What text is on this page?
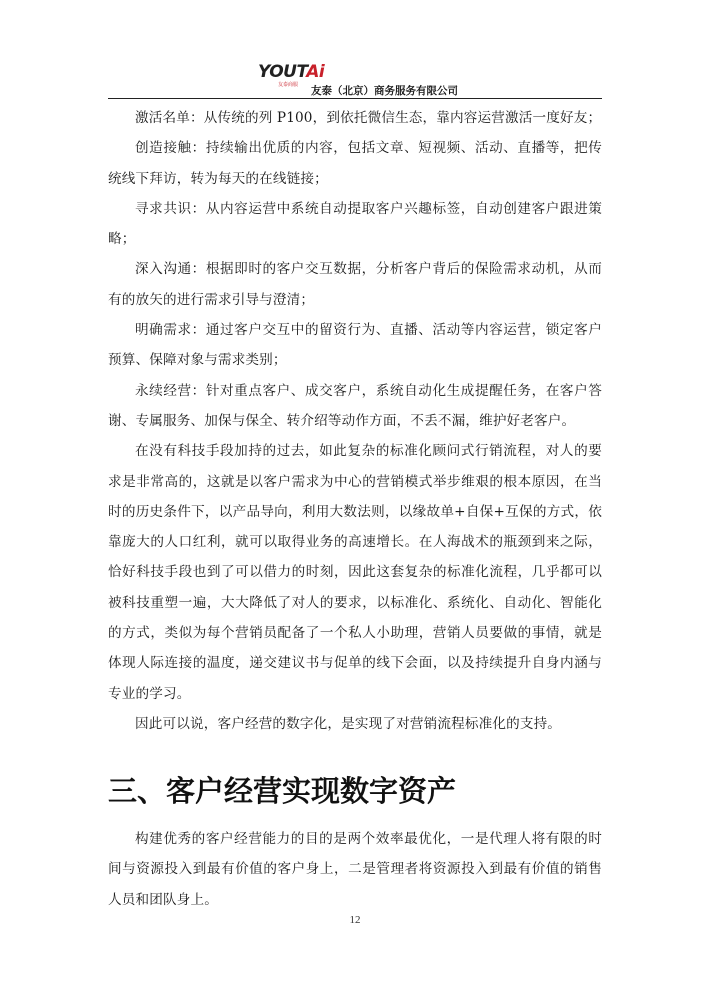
YOUTAi
友泰商服 友泰（北京）商务服务有限公司

激活名单：从传统的列 P100，到依托微信生态，靠内容运营激活一度好友；

创造接触：持续输出优质的内容，包括文章、短视频、活动、直播等，把传统线下拜访，转为每天的在线链接；

寻求共识：从内容运营中系统自动提取客户兴趣标签，自动创建客户跟进策略；

深入沟通：根据即时的客户交互数据，分析客户背后的保险需求动机，从而有的放矢的进行需求引导与澄清；

明确需求：通过客户交互中的留资行为、直播、活动等内容运营，锁定客户预算、保障对象与需求类别；

永续经营：针对重点客户、成交客户，系统自动化生成提醒任务，在客户答谢、专属服务、加保与保全、转介绍等动作方面，不丢不漏，维护好老客户。

在没有科技手段加持的过去，如此复杂的标准化顾问式行销流程，对人的要求是非常高的，这就是以客户需求为中心的营销模式举步维艰的根本原因，在当时的历史条件下，以产品导向，利用大数法则，以缘故单+自保+互保的方式，依靠庞大的人口红利，就可以取得业务的高速增长。在人海战术的瓶颈到来之际，恰好科技手段也到了可以借力的时刻，因此这套复杂的标准化流程，几乎都可以被科技重塑一遍，大大降低了对人的要求，以标准化、系统化、自动化、智能化的方式，类似为每个营销员配备了一个私人小助理，营销人员要做的事情，就是体现人际连接的温度，递交建议书与促单的线下会面，以及持续提升自身内涵与专业的学习。

因此可以说，客户经营的数字化，是实现了对营销流程标准化的支持。

三、客户经营实现数字资产

构建优秀的客户经营能力的目的是两个效率最优化，一是代理人将有限的时间与资源投入到最有价值的客户身上，二是管理者将资源投入到最有价值的销售人员和团队身上。

12
